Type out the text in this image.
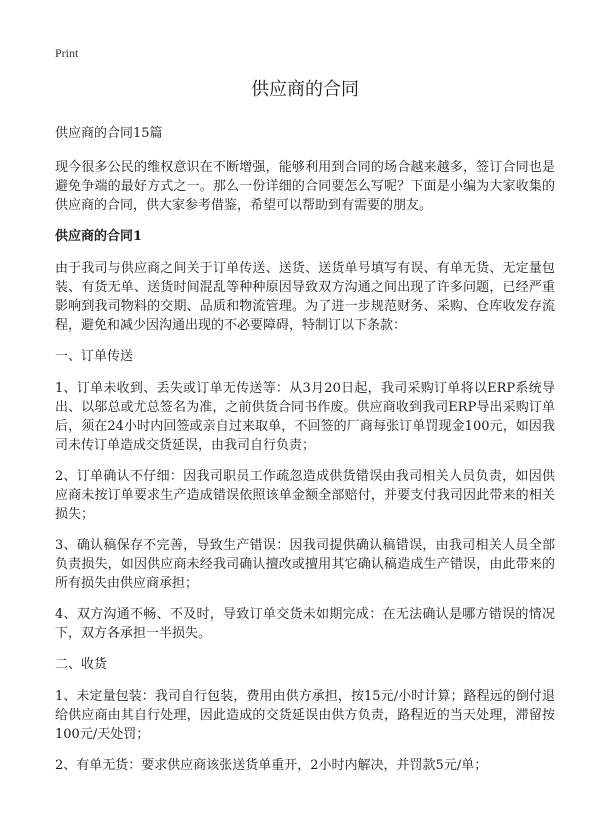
Print
供应商的合同
供应商的合同15篇

现今很多公民的维权意识在不断增强，能够利用到合同的场合越来越多，签订合同也是避免争端的最好方式之一。那么一份详细的合同要怎么写呢？下面是小编为大家收集的供应商的合同，供大家参考借鉴，希望可以帮助到有需要的朋友。

供应商的合同1

由于我司与供应商之间关于订单传送、送货、送货单号填写有误、有单无货、无定量包装、有货无单、送货时间混乱等种种原因导致双方沟通之间出现了许多问题，已经严重影响到我司物料的交期、品质和物流管理。为了进一步规范财务、采购、仓库收发存流程，避免和减少因沟通出现的不必要障碍，特制订以下条款：

一、订单传送

1、订单未收到、丢失或订单无传送等：从3月20日起，我司采购订单将以ERP系统导出、以邬总或尤总签名为准，之前供货合同书作废。供应商收到我司ERP导出采购订单后，须在24小时内回签或亲自过来取单，不回签的厂商每张订单罚现金100元，如因我司未传订单造成交货延误，由我司自行负责；

2、订单确认不仔细：因我司职员工作疏忽造成供货错误由我司相关人员负责，如因供应商未按订单要求生产造成错误依照该单金额全部赔付，并要支付我司因此带来的相关损失；

3、确认稿保存不完善，导致生产错误：因我司提供确认稿错误，由我司相关人员全部负责损失，如因供应商未经我司确认擅改或擅用其它确认稿造成生产错误，由此带来的所有损失由供应商承担；

4、双方沟通不畅、不及时，导致订单交货未如期完成：在无法确认是哪方错误的情况下，双方各承担一半损失。

二、收货

1、未定量包装：我司自行包装，费用由供方承担，按15元/小时计算；路程远的倒付退给供应商由其自行处理，因此造成的交货延误由供方负责，路程近的当天处理，滞留按100元/天处罚；

2、有单无货：要求供应商该张送货单重开，2小时内解决，并罚款5元/单；
